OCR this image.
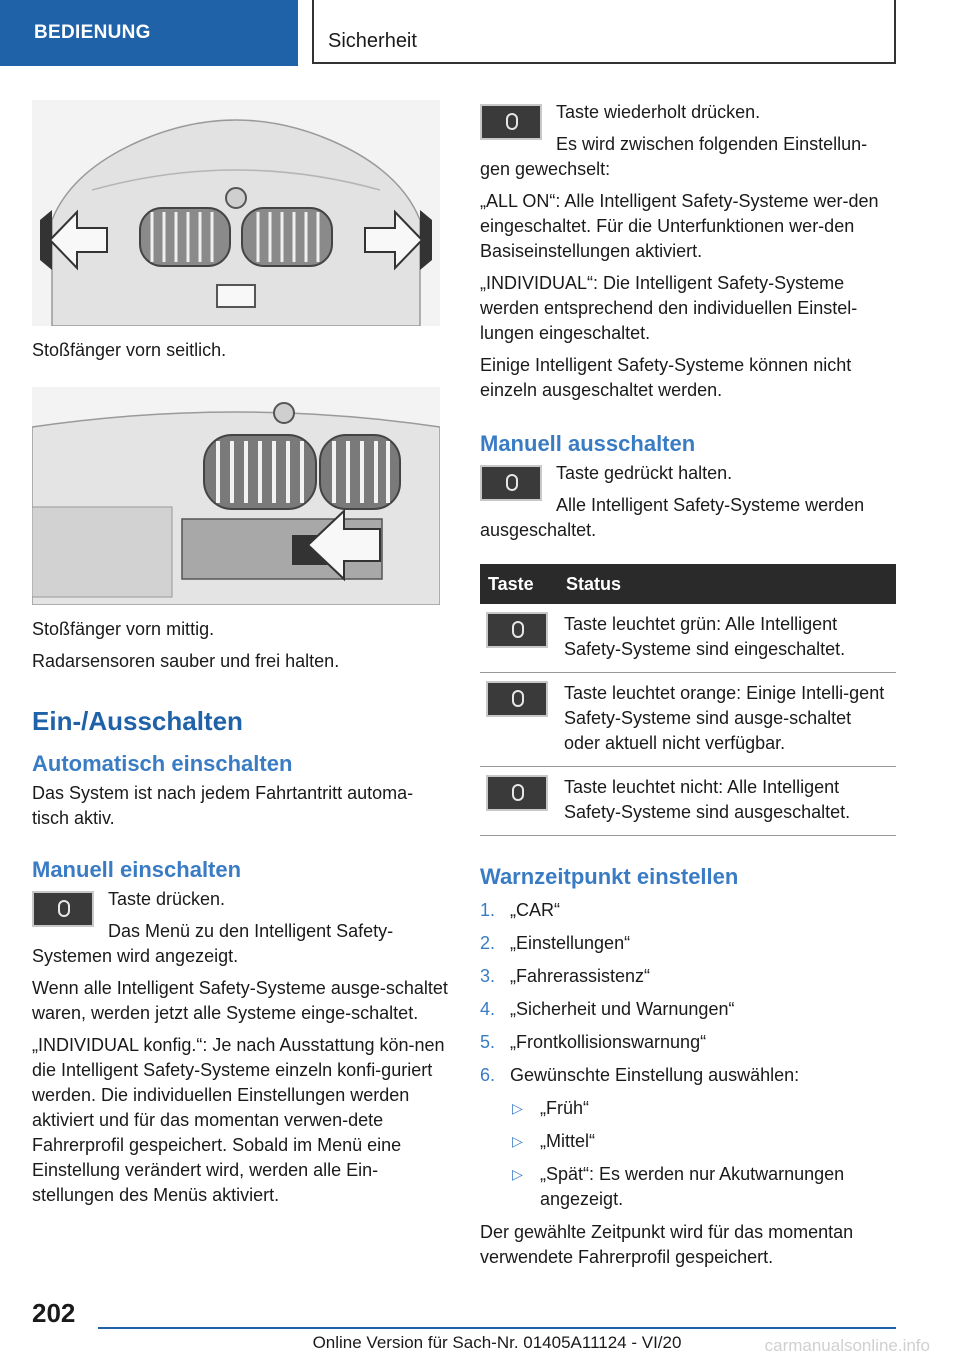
BEDIENUNG	Sicherheit

Stoßfänger vorn seitlich.

Stoßfänger vorn mittig.

Radarsensoren sauber und frei halten.

Ein-/Ausschalten
Automatisch einschalten

Das System ist nach jedem Fahrtantritt automa-tisch aktiv.

Manuell einschalten

Taste drücken.

Das Menü zu den Intelligent Safety-Systemen wird angezeigt.

Wenn alle Intelligent Safety-Systeme ausge-schaltet waren, werden jetzt alle Systeme einge-schaltet.

„INDIVIDUAL konfig.“: Je nach Ausstattung kön-nen die Intelligent Safety-Systeme einzeln konfi-guriert werden. Die individuellen Einstellungen werden aktiviert und für das momentan verwen-dete Fahrerprofil gespeichert. Sobald im Menü eine Einstellung verändert wird, werden alle Ein-stellungen des Menüs aktiviert.

Taste wiederholt drücken.

Es wird zwischen folgenden Einstellun-gen gewechselt:

„ALL ON“: Alle Intelligent Safety-Systeme wer-den eingeschaltet. Für die Unterfunktionen wer-den Basiseinstellungen aktiviert.

„INDIVIDUAL“: Die Intelligent Safety-Systeme werden entsprechend den individuellen Einstel-lungen eingeschaltet.

Einige Intelligent Safety-Systeme können nicht einzeln ausgeschaltet werden.

Manuell ausschalten

Taste gedrückt halten.

Alle Intelligent Safety-Systeme werden ausgeschaltet.

Taste	Status

	Taste leuchtet grün: Alle Intelligent Safety-Systeme sind eingeschaltet.

	Taste leuchtet orange: Einige Intelli-gent Safety-Systeme sind ausge-schaltet oder aktuell nicht verfügbar.

	Taste leuchtet nicht: Alle Intelligent Safety-Systeme sind ausgeschaltet.
Warnzeitpunkt einstellen
1. „CAR“
2. „Einstellungen“
3. „Fahrerassistenz“
4. „Sicherheit und Warnungen“
5. „Frontkollisionswarnung“
6. Gewünschte Einstellung auswählen:
▷ „Früh“
▷ „Mittel“
▷ „Spät“: Es werden nur Akutwarnungen angezeigt.

Der gewählte Zeitpunkt wird für das momentan verwendete Fahrerprofil gespeichert.

202
Online Version für Sach-Nr. 01405A11124 - VI/20	carmanualsonline.info
